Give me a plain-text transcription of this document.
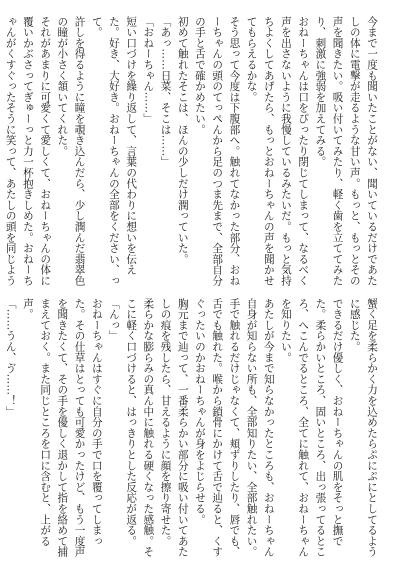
今まで一度も聞いたことがない、聞いているだけであたしの体に電撃が走るような甘い声。もっと、もっとその声を聞きたい。吸い付いてみたり、軽く歯を立ててみたり、刺激に強弱を加えてみる。

おねーちゃんは口をぴったり閉じてしまって、なるべく声を出さないように我慢しているみたいだ。もっと気持ちよくしてあげたら、もっとおねーちゃんの声を聞かせてもらえるかな。

そう思って今度は下腹部へ。触れてなかった部分、おねーちゃんの頭のてっぺんから足のつま先まで、全部自分の手と舌で確かめたい。

初めて触れたそこは、ほんの少しだけ潤っていた。

「あっ……日菜、そこは……」

「おねーちゃん……」

短い口づけを繰り返して、言葉の代わりに想いを伝えた。好き、大好き。おねーちゃんの全部をください、って。

許しを得るように瞳を覗き込んだら、少し潤んだ翡翠色の瞳が小さく頷いてくれた。

それがあまりに可愛くて愛しくて、おねーちゃんの体に覆いかぶさってぎゅーっと力一杯抱きしめた。おねーちゃんがくすぐったそうに笑って、あたしの頭を同じよう

蟹く足を柔らかく力を込めたらぷにぷにとしてるように感じた。

できるだけ優しく、おねーちゃんの肌をそっと撫でた。柔らかいところ、固いところ、出っ張ってるところ、へこんでるところ、全てに触れて、おねーちゃんを知りたい。

あたしが今まで知らなかったところも、おねーちゃん自身が知らない所も、全部知りたい、全部触れたい。

手で触れるだけじゃなくて、頬ずりしたり、唇でも、舌でも触れた。喉から鎖骨にかけて舌で辿ると、くすぐったいのかおねーちゃんが身をよじらせる。

胸元まで辿って、一番柔らかい部分に吸い付いてあたしの痕を残したら、甘えるように顔を擦り寄せた。

柔らかな膨らみの真ん中に触れる硬くなった感触。そこに軽く口づけると、はっきりとした反応が返る。

「んっ」

おねーちゃんはすぐに自分の手で口を覆ってしまった。その仕草はとっても可愛かったけど、もう一度声を聞きたくて、その手を優しく退かして指を絡めて捕まえておく。また同じところを口に含むと、上がる声。

「……うん、ゔ……！」
